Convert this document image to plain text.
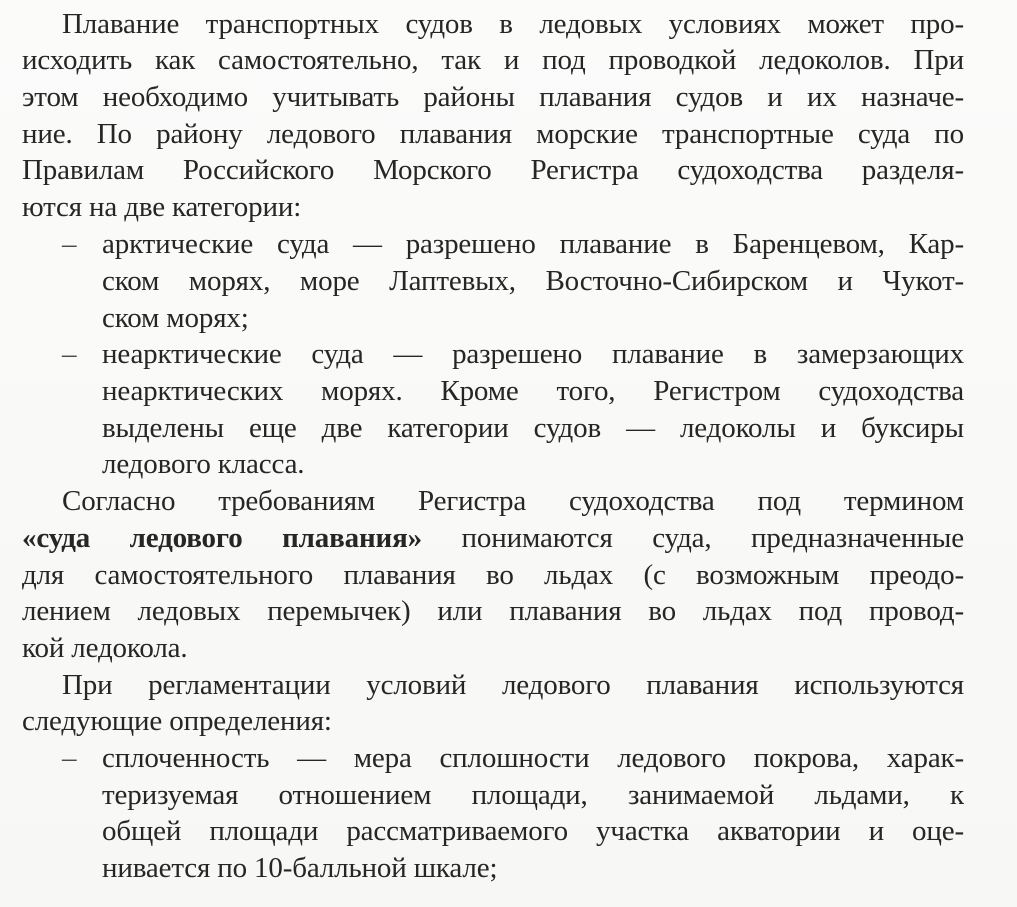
Плавание транспортных судов в ледовых условиях может про-
исходить как самостоятельно, так и под проводкой ледоколов. При
этом необходимо учитывать районы плавания судов и их назначе-
ние. По району ледового плавания морские транспортные суда по
Правилам Российского Морского Регистра судоходства разделя-
ются на две категории:
– арктические суда — разрешено плавание в Баренцевом, Кар-
ском морях, море Лаптевых, Восточно-Сибирском и Чукот-
ском морях;
– неарктические суда — разрешено плавание в замерзающих
неарктических морях. Кроме того, Регистром судоходства
выделены еще две категории судов — ледоколы и буксиры
ледового класса.
Согласно требованиям Регистра судоходства под термином
«суда ледового плавания» понимаются суда, предназначенные
для самостоятельного плавания во льдах (с возможным преодо-
лением ледовых перемычек) или плавания во льдах под провод-
кой ледокола.
При регламентации условий ледового плавания используются
следующие определения:
– сплоченность — мера сплошности ледового покрова, харак-
теризуемая отношением площади, занимаемой льдами, к
общей площади рассматриваемого участка акватории и оце-
нивается по 10-балльной шкале;
